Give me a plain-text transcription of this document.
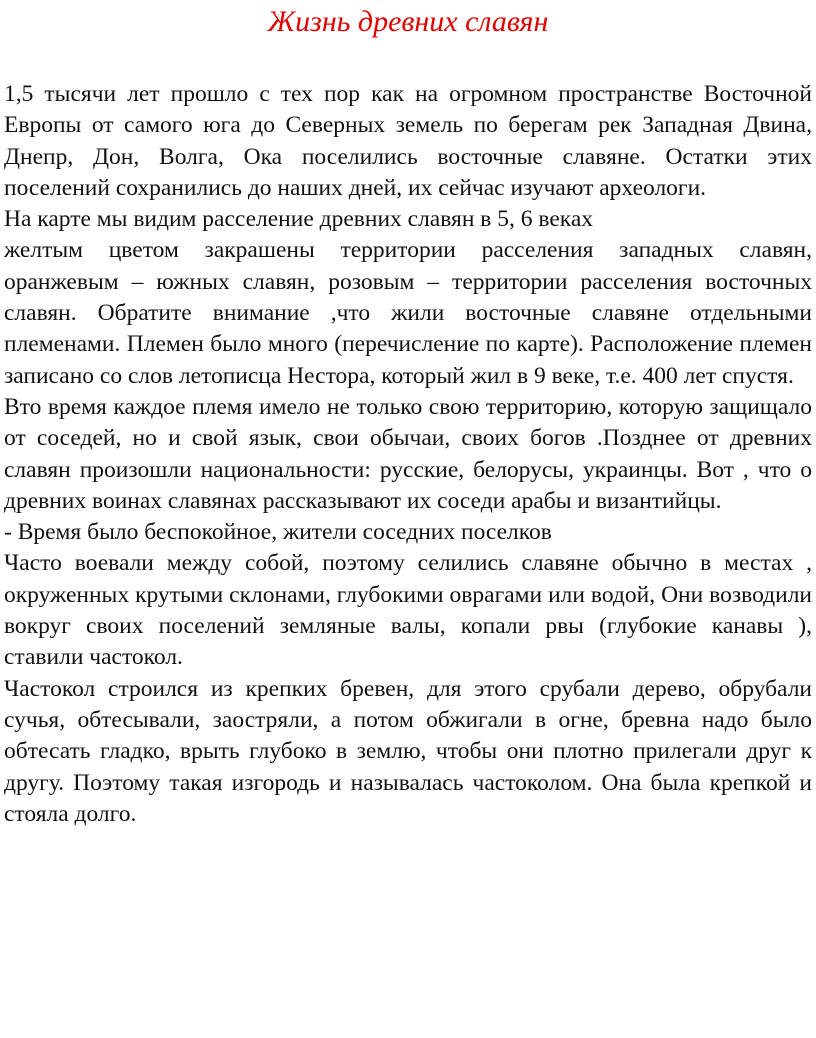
Жизнь древних славян

1,5 тысячи лет прошло с тех пор как на огромном пространстве Восточной Европы от самого юга до Северных земель по берегам рек Западная Двина, Днепр, Дон, Волга, Ока поселились восточные славяне. Остатки этих поселений сохранились до наших дней, их сейчас изучают археологи.

На карте мы видим расселение древних славян в 5, 6 веках

желтым цветом закрашены территории расселения западных славян, оранжевым – южных славян, розовым – территории расселения восточных славян. Обратите внимание ,что жили восточные славяне отдельными племенами. Племен было много (перечисление по карте). Расположение племен записано со слов летописца Нестора, который жил в 9 веке, т.е. 400 лет спустя.

Вто время каждое племя имело не только свою территорию, которую защищало от соседей, но и свой язык, свои обычаи, своих богов .Позднее от древних славян произошли национальности: русские, белорусы, украинцы. Вот , что о древних воинах славянах рассказывают их соседи арабы и византийцы.

- Время было беспокойное, жители соседних поселков

Часто воевали между собой, поэтому селились славяне обычно в местах , окруженных крутыми склонами, глубокими оврагами или водой, Они возводили вокруг своих поселений земляные валы, копали рвы (глубокие канавы ), ставили частокол.

Частокол строился из крепких бревен, для этого срубали дерево, обрубали сучья, обтесывали, заостряли, а потом обжигали в огне, бревна надо было обтесать гладко, врыть глубоко в землю, чтобы они плотно прилегали друг к другу. Поэтому такая изгородь и называлась частоколом. Она была крепкой и стояла долго.
